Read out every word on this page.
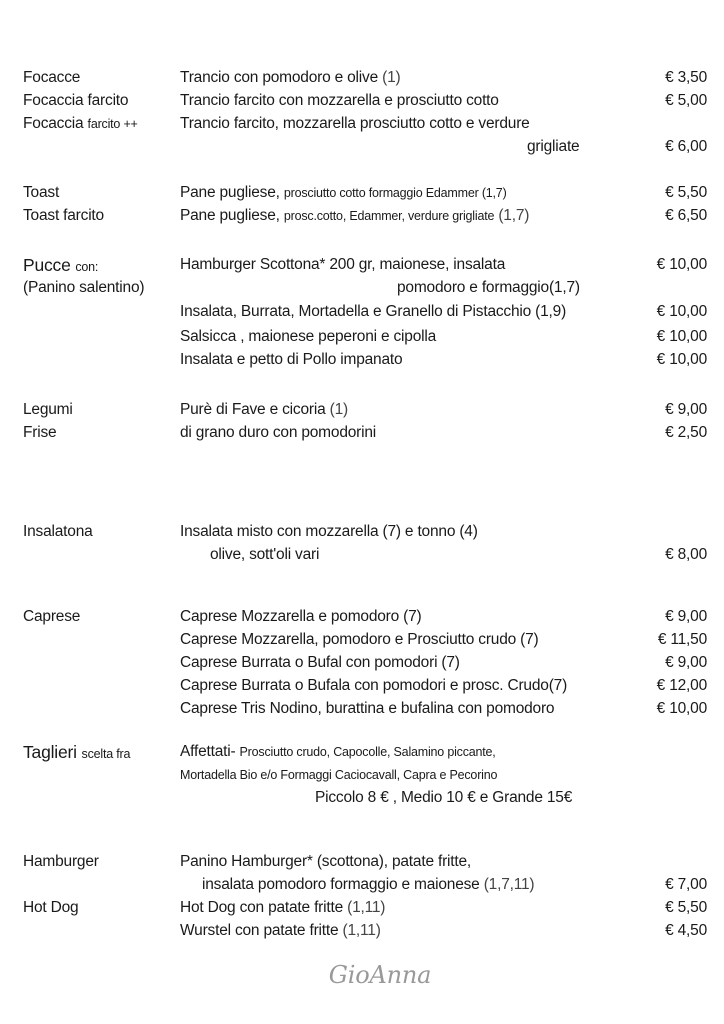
Focacce	Trancio con pomodoro e olive (1)	€ 3,50
Focaccia farcito	Trancio farcito con mozzarella e prosciutto cotto	€ 5,00
Focaccia farcito ++	Trancio farcito, mozzarella prosciutto cotto e verdure
grigliate	€ 6,00
Toast	Pane pugliese, prosciutto cotto formaggio Edammer (1,7)	€ 5,50
Toast farcito	Pane pugliese, prosc.cotto, Edammer, verdure grigliate (1,7)	€ 6,50
Pucce con:	Hamburger Scottona* 200 gr, maionese, insalata	€ 10,00
(Panino salentino)	pomodoro e formaggio(1,7)
Insalata, Burrata, Mortadella e Granello di Pistacchio (1,9)	€ 10,00
Salsicca , maionese peperoni e cipolla	€ 10,00
Insalata e petto di Pollo impanato	€ 10,00
Legumi	Purè di Fave e cicoria (1)	€ 9,00
Frise	di grano duro con pomodorini	€ 2,50
Insalatona	Insalata misto con mozzarella (7) e tonno (4)
olive, sott'oli vari	€ 8,00
Caprese	Caprese Mozzarella e pomodoro (7)	€ 9,00
Caprese Mozzarella, pomodoro e Prosciutto crudo (7)	€ 11,50
Caprese Burrata o Bufal con pomodori (7)	€ 9,00
Caprese Burrata o Bufala con pomodori e prosc. Crudo(7)	€ 12,00
Caprese Tris Nodino, burattina e bufalina con pomodoro	€ 10,00
Taglieri scelta fra	Affettati- Prosciutto crudo, Capocolle, Salamino piccante,
Mortadella Bio e/o Formaggi Caciocavall, Capra e Pecorino
Piccolo 8 € , Medio 10 € e Grande 15€
Hamburger	Panino Hamburger* (scottona), patate fritte,
insalata pomodoro formaggio e maionese (1,7,11)	€ 7,00
Hot Dog	Hot Dog con patate fritte (1,11)	€ 5,50
Wurstel con patate fritte (1,11)	€ 4,50
GioAnna
